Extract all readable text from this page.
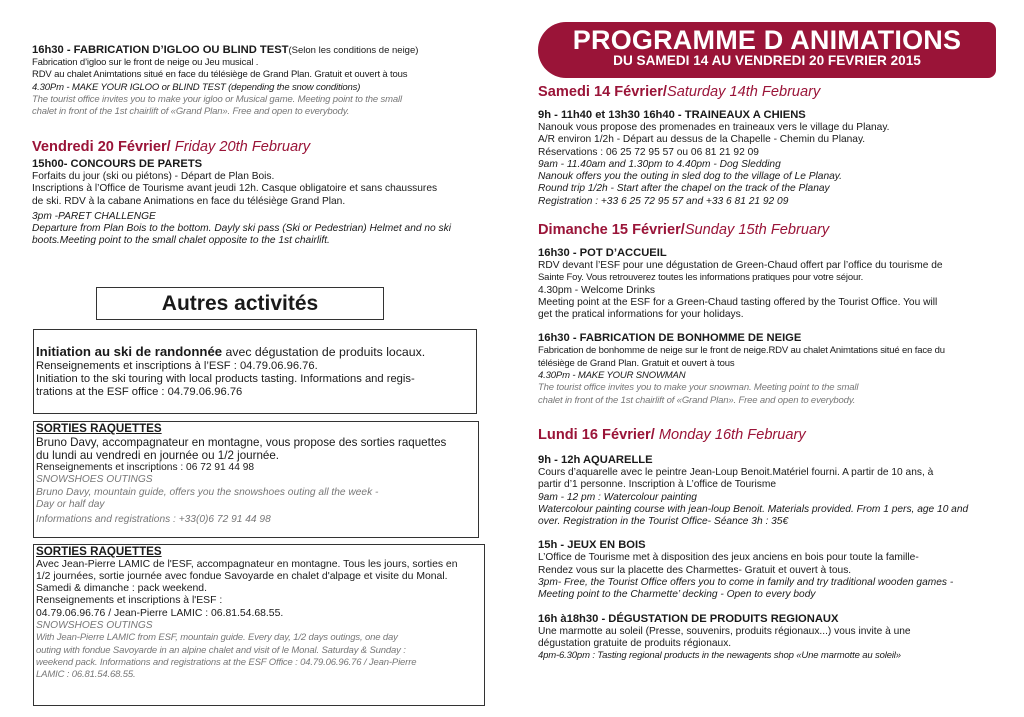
16h30 - FABRICATION D’IGLOO OU BLIND TEST(Selon les conditions de neige)
Fabrication d’igloo sur le front de neige ou Jeu musical .
RDV au chalet Animtations situé en face du télésiège de Grand Plan. Gratuit et ouvert à tous
4.30Pm - MAKE YOUR IGLOO or BLIND TEST (depending the snow conditions)
The tourist office invites you to make your igloo or Musical game. Meeting point to the small
chalet in front of the 1st chairlift of «Grand Plan». Free and open to everybody.
Vendredi 20 Février/ Friday 20th February
15h00- CONCOURS DE PARETS
Forfaits du jour (ski ou piétons) - Départ de Plan Bois.
Inscriptions à l’Office de Tourisme avant jeudi 12h. Casque obligatoire et sans chaussures
de ski. RDV à la cabane Animations en face du télésiège Grand Plan.
3pm -PARET CHALLENGE
Departure from Plan Bois to the bottom. Dayly ski pass (Ski or Pedestrian) Helmet and no ski
boots.Meeting point to the small chalet opposite to the 1st chairlift.
Autres activités
Initiation au ski de randonnée avec dégustation de produits locaux.
Renseignements et inscriptions à l’ESF : 04.79.06.96.76.
Initiation to the ski touring with local products tasting. Informations and regis-
trations at the ESF office : 04.79.06.96.76
SORTIES RAQUETTES
Bruno Davy, accompagnateur en montagne, vous propose des sorties raquettes
du lundi au vendredi en journée ou 1/2 journée.
Renseignements et inscriptions : 06 72 91 44 98
SNOWSHOES OUTINGS
Bruno Davy, mountain guide, offers you the snowshoes outing all the week -
Day or half day
Informations and registrations : +33(0)6 72 91 44 98
SORTIES RAQUETTES
Avec Jean-Pierre LAMIC de l'ESF, accompagnateur en montagne. Tous les jours, sorties en
1/2 journées, sortie journée avec fondue Savoyarde en chalet d'alpage et visite du Monal.
Samedi & dimanche : pack weekend.
Renseignements et inscriptions à l'ESF :
04.79.06.96.76 / Jean-Pierre LAMIC : 06.81.54.68.55.
SNOWSHOES OUTINGS
With Jean-Pierre LAMIC from ESF, mountain guide. Every day, 1/2 days outings, one day
outing with fondue Savoyarde in an alpine chalet and visit of le Monal. Saturday & Sunday :
weekend pack. Informations and registrations at the ESF Office : 04.79.06.96.76 / Jean-Pierre
LAMIC : 06.81.54.68.55.
PROGRAMME D ANIMATIONS
DU SAMEDI 14 AU VENDREDI 20 FEVRIER 2015
Samedi 14 Février/Saturday 14th February
9h - 11h40 et 13h30 16h40 - TRAINEAUX A CHIENS
Nanouk vous propose des promenades en traineaux vers le village du Planay.
A/R environ 1/2h - Départ au dessus de la Chapelle - Chemin du Planay.
Réservations : 06 25 72 95 57 ou 06 81 21 92 09
9am - 11.40am and 1.30pm to 4.40pm - Dog Sledding
Nanouk offers you the outing in sled dog to the village of Le Planay.
Round trip 1/2h - Start after the chapel on the track of the Planay
Registration : +33 6 25 72 95 57 and +33 6 81 21 92 09
Dimanche 15 Février/Sunday 15th February
16h30 - POT D’ACCUEIL
RDV devant l’ESF pour une dégustation de Green-Chaud offert par l’office du tourisme de
Sainte Foy. Vous retrouverez toutes les informations pratiques pour votre séjour.
4.30pm - Welcome Drinks
Meeting point at the ESF for a Green-Chaud tasting offered by the Tourist Office. You will
get the pratical informations for your holidays.
16h30 - FABRICATION DE BONHOMME DE NEIGE
Fabrication de bonhomme de neige sur le front de neige.RDV au chalet Animtations situé en face du
télésiège de Grand Plan. Gratuit et ouvert à tous
4.30Pm - MAKE YOUR SNOWMAN
The tourist office invites you to make your snowman. Meeting point to the small
chalet in front of the 1st chairlift of «Grand Plan». Free and open to everybody.
Lundi 16 Février/ Monday 16th February
9h - 12h AQUARELLE
Cours d’aquarelle avec le peintre Jean-Loup Benoit.Matériel fourni. A partir de 10 ans, à
partir d’1 personne. Inscription à L’office de Tourisme
9am - 12 pm : Watercolour painting
Watercolour painting course with jean-loup Benoit. Materials provided. From 1 pers, age 10 and
over. Registration in the Tourist Office- Séance 3h : 35€
15h - JEUX EN BOIS
L’Office de Tourisme met à disposition des jeux anciens en bois pour toute la famille-
Rendez vous sur la placette des Charmettes- Gratuit et ouvert à tous.
3pm- Free, the Tourist Office offers you to come in family and try traditional wooden games -
Meeting point to the Charmette’ decking - Open to every body
16h à18h30 - DÉGUSTATION DE PRODUITS REGIONAUX
Une marmotte au soleil (Presse, souvenirs, produits régionaux...) vous invite à une
dégustation gratuite de produits régionaux.
4pm-6.30pm : Tasting regional products in the newagents shop «Une marmotte au soleil»
